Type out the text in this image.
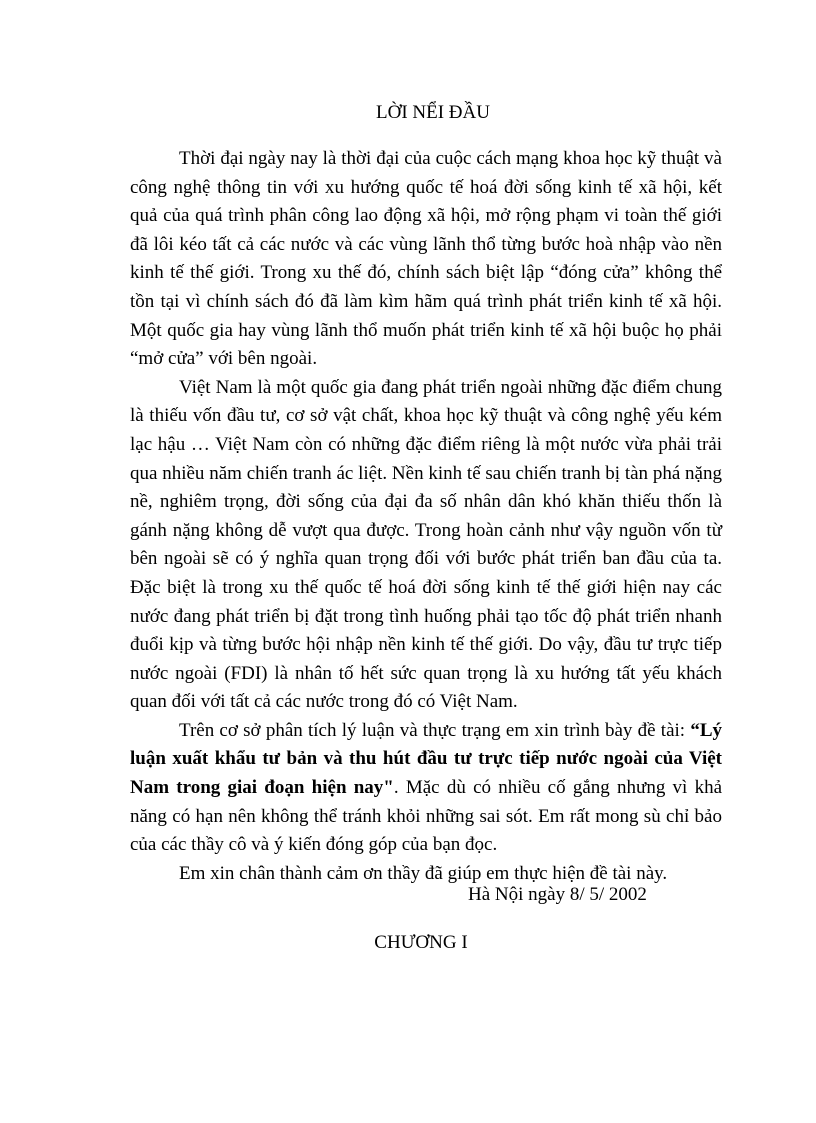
LỜI NỂI ĐẦU

Thời đại ngày nay là thời đại của cuộc cách mạng khoa học kỹ thuật và công nghệ thông tin với xu hướng quốc tế hoá đời sống kinh tế xã hội, kết quả của quá trình phân công lao động xã hội, mở rộng phạm vi toàn thế giới đã lôi kéo tất cả các nước và các vùng lãnh thổ từng bước hoà nhập vào nền kinh tế thế giới. Trong xu thế đó, chính sách biệt lập “đóng cửa” không thể tồn tại vì chính sách đó đã làm kìm hãm quá trình phát triển kinh tế xã hội. Một quốc gia hay vùng lãnh thổ muốn phát triển kinh tế xã hội buộc họ phải “mở cửa” với bên ngoài.

Việt Nam là một quốc gia đang phát triển ngoài những đặc điểm chung là thiếu vốn đầu tư, cơ sở vật chất, khoa học kỹ thuật và công nghệ yếu kém lạc hậu … Việt Nam còn có những đặc điểm riêng là một nước vừa phải trải qua nhiều năm chiến tranh ác liệt. Nền kinh tế sau chiến tranh bị tàn phá nặng nề, nghiêm trọng, đời sống của đại đa số nhân dân khó khăn thiếu thốn là gánh nặng không dễ vượt qua được. Trong hoàn cảnh như vậy nguồn vốn từ bên ngoài sẽ có ý nghĩa quan trọng đối với bước phát triển ban đầu của ta. Đặc biệt là trong xu thế quốc tế hoá đời sống kinh tế thế giới hiện nay các nước đang phát triển bị đặt trong tình huống phải tạo tốc độ phát triển nhanh đuổi kịp và từng bước hội nhập nền kinh tế thế giới. Do vậy, đầu tư trực tiếp nước ngoài (FDI) là nhân tố hết sức quan trọng là xu hướng tất yếu khách quan đối với tất cả các nước trong đó có Việt Nam.

Trên cơ sở phân tích lý luận và thực trạng em xin trình bày đề tài: “Lý luận xuất khẩu tư bản và thu hút đầu tư trực tiếp nước ngoài của Việt Nam trong giai đoạn hiện nay". Mặc dù có nhiều cố gắng nhưng vì khả năng có hạn nên không thể tránh khỏi những sai sót. Em rất mong sù chỉ bảo của các thầy cô và ý kiến đóng góp của bạn đọc.

Em xin chân thành cảm ơn thầy đã giúp em thực hiện đề tài này.

Hà Nội ngày 8/ 5/ 2002

CHƯƠNG I
